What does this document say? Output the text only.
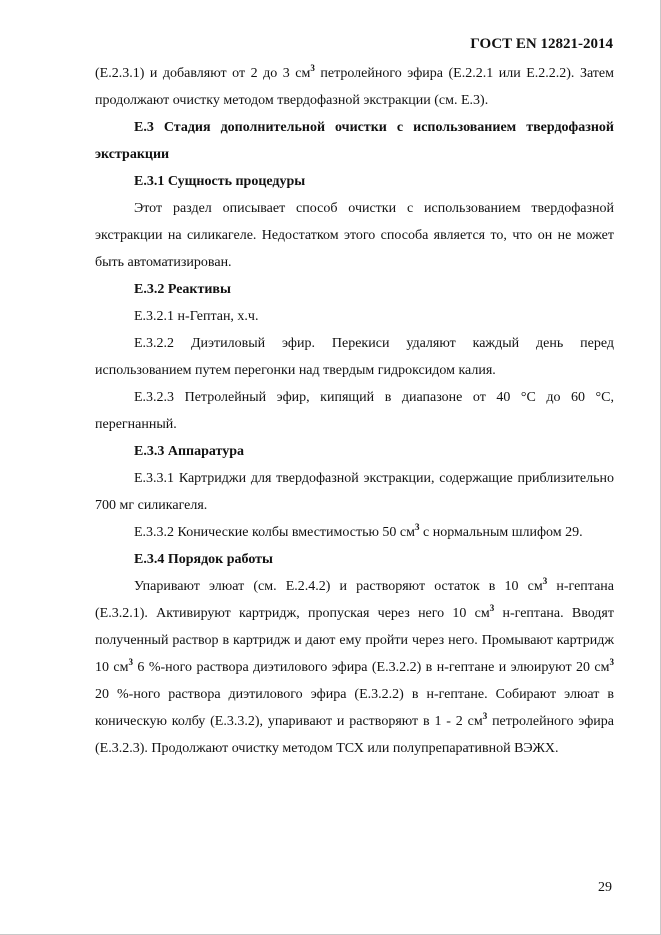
ГОСТ EN 12821-2014

(Е.2.3.1) и добавляют от 2 до 3 $см^3$ петролейного эфира (Е.2.2.1 или Е.2.2.2). Затем продолжают очистку методом твердофазной экстракции (см. Е.3).

Е.3 Стадия дополнительной очистки с использованием твердофазной экстракции

Е.3.1 Сущность процедуры

Этот раздел описывает способ очистки с использованием твердофазной экстракции на силикагеле. Недостатком этого способа является то, что он не может быть автоматизирован.

Е.3.2 Реактивы

Е.3.2.1 н-Гептан, х.ч.

Е.3.2.2 Диэтиловый эфир. Перекиси удаляют каждый день перед использованием путем перегонки над твердым гидроксидом калия.

Е.3.2.3 Петролейный эфир, кипящий в диапазоне от 40 °C до 60 °C, перегнанный.

Е.3.3 Аппаратура

Е.3.3.1 Картриджи для твердофазной экстракции, содержащие приблизительно 700 мг силикагеля.

Е.3.3.2 Конические колбы вместимостью 50 $см^3$ с нормальным шлифом 29.

Е.3.4 Порядок работы

Упаривают элюат (см. Е.2.4.2) и растворяют остаток в 10 $см^3$ н-гептана (Е.3.2.1). Активируют картридж, пропуская через него 10 $см^3$ н-гептана. Вводят полученный раствор в картридж и дают ему пройти через него. Промывают картридж 10 $см^3$ 6 %-ного раствора диэтилового эфира (Е.3.2.2) в н-гептане и элюируют 20 $см^3$ 20 %-ного раствора диэтилового эфира (Е.3.2.2) в н-гептане. Собирают элюат в коническую колбу (Е.3.3.2), упаривают и растворяют в 1 - 2 $см^3$ петролейного эфира (Е.3.2.3). Продолжают очистку методом ТСХ или полупрепаративной ВЭЖХ.

29
